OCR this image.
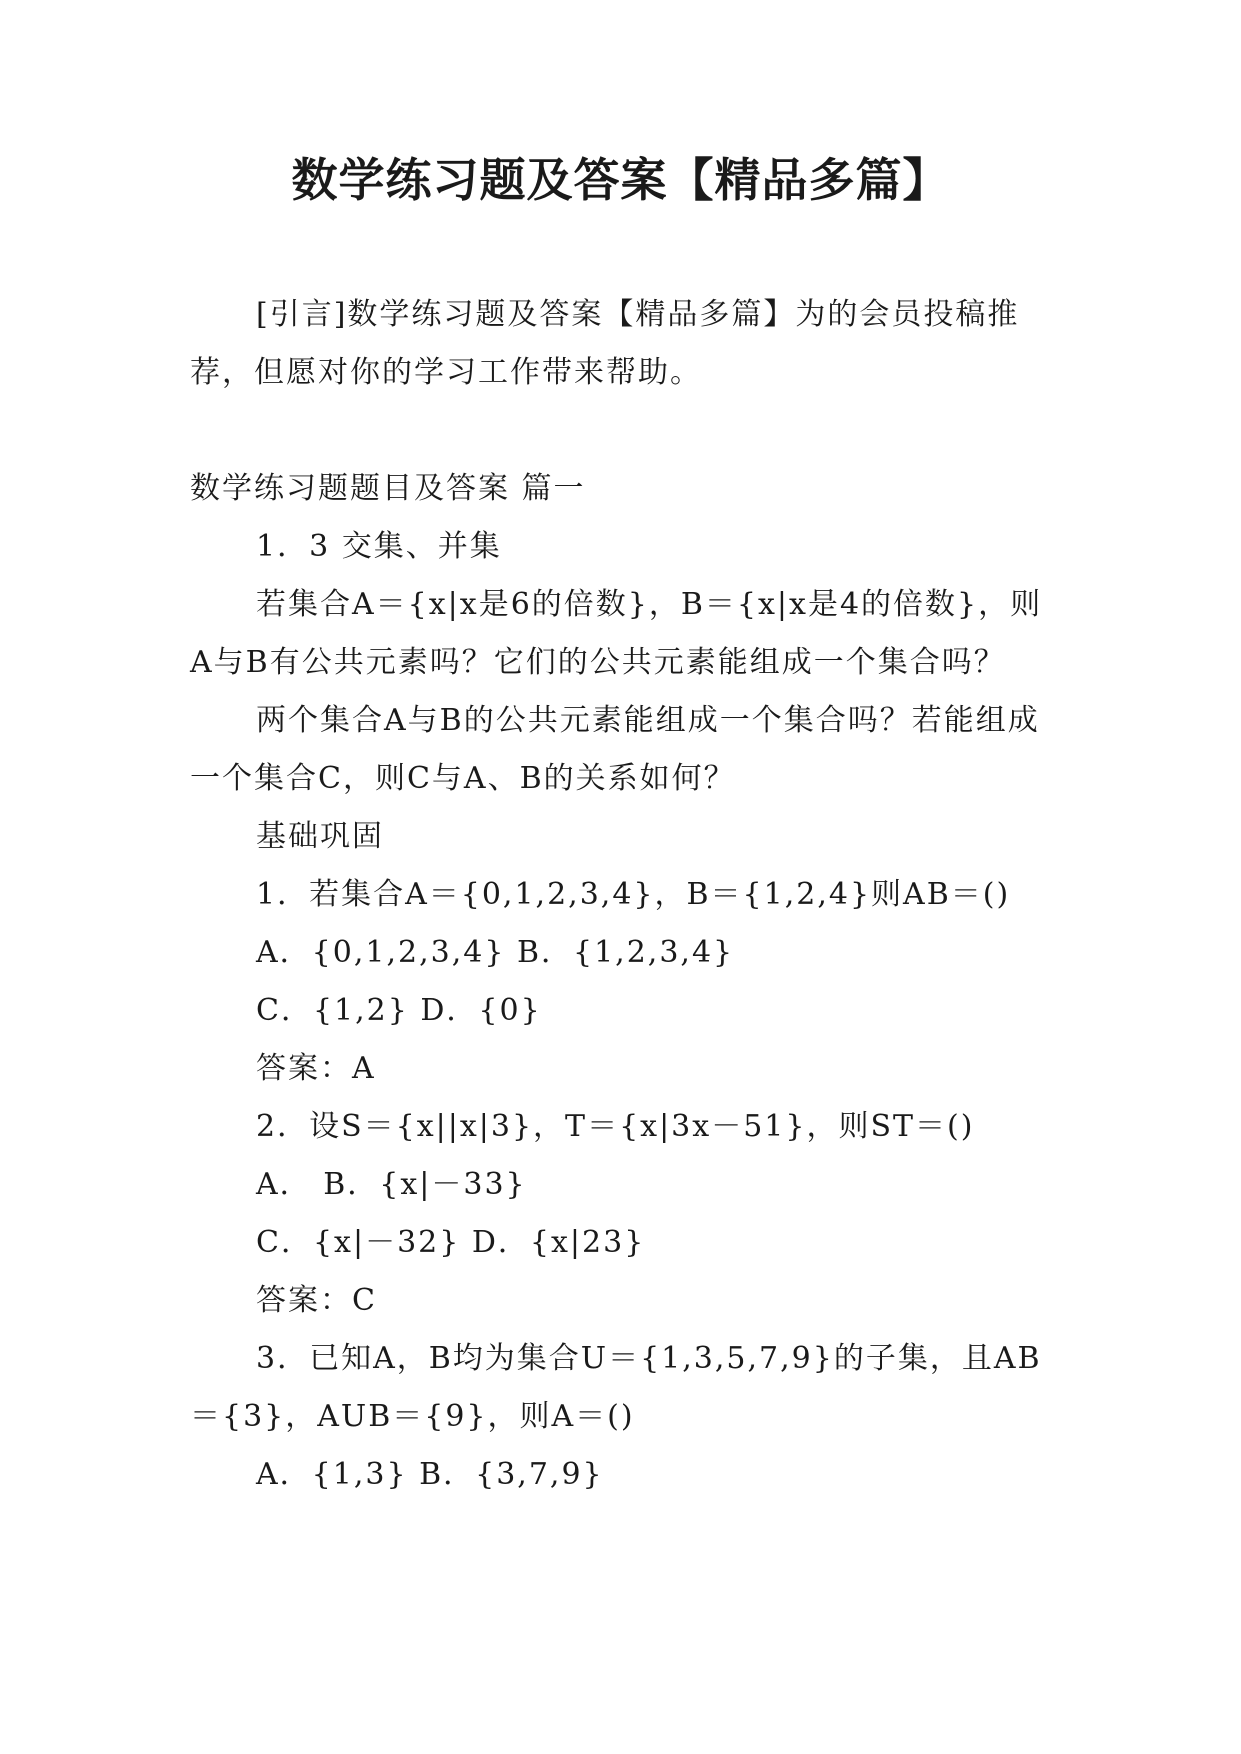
数学练习题及答案【精品多篇】

[引言]数学练习题及答案【精品多篇】为的会员投稿推荐，但愿对你的学习工作带来帮助。

数学练习题题目及答案 篇一

1．3 交集、并集

若集合A＝{x|x是6的倍数}，B＝{x|x是4的倍数}，则A与B有公共元素吗？它们的公共元素能组成一个集合吗？

两个集合A与B的公共元素能组成一个集合吗？若能组成一个集合C，则C与A、B的关系如何？

基础巩固

1．若集合A＝{0,1,2,3,4}，B＝{1,2,4}则AB＝()

A．{0,1,2,3,4} B．{1,2,3,4}

C．{1,2} D．{0}

答案：A

2．设S＝{x||x|3}，T＝{x|3x－51}，则ST＝()

A． B．{x|－33}

C．{x|－32} D．{x|23}

答案：C

3．已知A，B均为集合U＝{1,3,5,7,9}的子集，且AB＝{3}，AUB＝{9}，则A＝()

A．{1,3} B．{3,7,9}
